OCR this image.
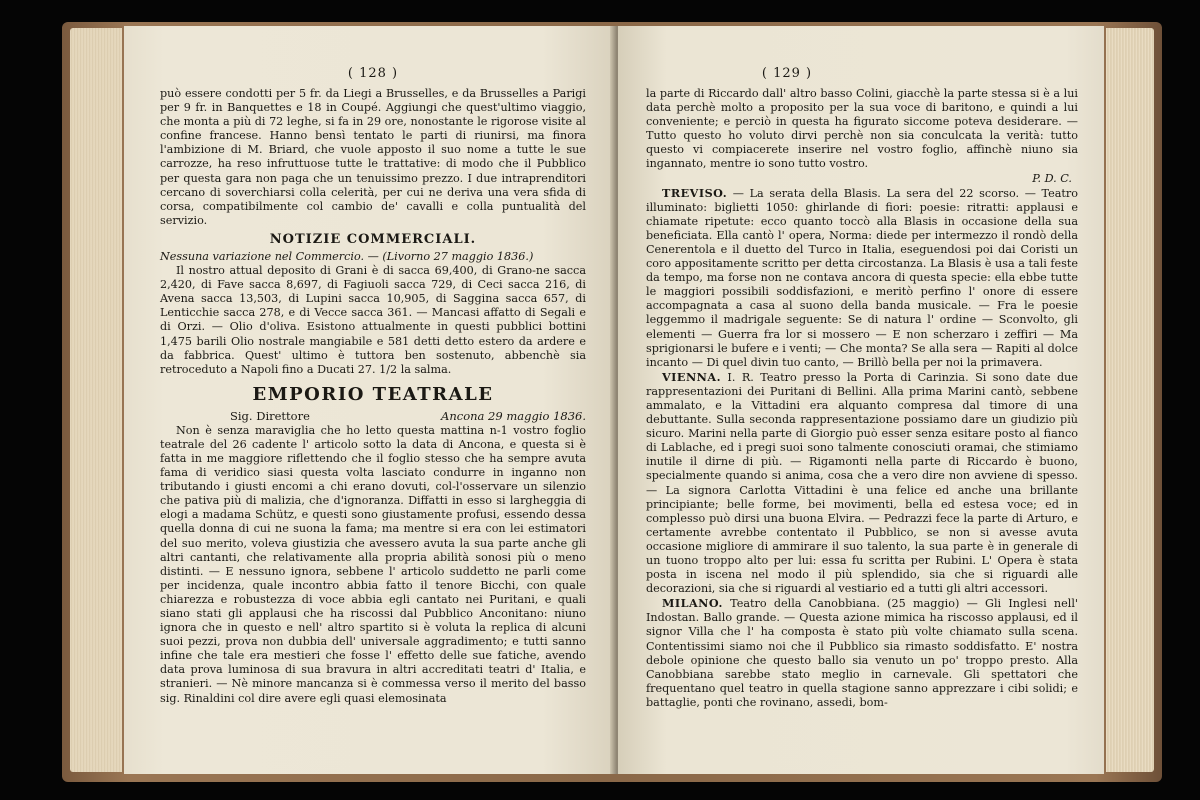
( 128 )

può essere condotti per 5 fr. da Liegi a Brusselles, e da Brusselles a Parigi per 9 fr. in Banquettes e 18 in Coupé. Aggiungi che quest'ultimo viaggio, che monta a più di 72 leghe, si fa in 29 ore, nonostante le rigorose visite al confine francese. Hanno bensì tentato le parti di riunirsi, ma finora l'ambizione di M. Briard, che vuole apposto il suo nome a tutte le sue carrozze, ha reso infruttuose tutte le trattative: di modo che il Pubblico per questa gara non paga che un tenuissimo prezzo. I due intraprenditori cercano di soverchiarsi colla celerità, per cui ne deriva una vera sfida di corsa, compatibilmente col cambio de' cavalli e colla puntualità del servizio.

NOTIZIE COMMERCIALI.
Nessuna variazione nel Commercio. — (Livorno 27 maggio 1836.)

Il nostro attual deposito di Grani è di sacca 69,400, di Grano-ne sacca 2,420, di Fave sacca 8,697, di Fagiuoli sacca 729, di Ceci sacca 216, di Avena sacca 13,503, di Lupini sacca 10,905, di Saggina sacca 657, di Lenticchie sacca 278, e di Vecce sacca 361. — Mancasi affatto di Segali e di Orzi. — Olio d'oliva. Esistono attualmente in questi pubblici bottini 1,475 barili Olio nostrale mangiabile e 581 detti detto estero da ardere e da fabbrica. Quest' ultimo è tuttora ben sostenuto, abbenchè sia retroceduto a Napoli fino a Ducati 27. 1/2 la salma.

EMPORIO TEATRALE
Sig. Direttore	Ancona 29 maggio 1836.

Non è senza maraviglia che ho letto questa mattina n-1 vostro foglio teatrale del 26 cadente l' articolo sotto la data di Ancona, e questa si è fatta in me maggiore riflettendo che il foglio stesso che ha sempre avuta fama di veridico siasi questa volta lasciato condurre in inganno non tributando i giusti encomi a chi erano dovuti, col-l'osservare un silenzio che pativa più di malizia, che d'ignoranza. Diffatti in esso si largheggia di elogi a madama Schütz, e questi sono giustamente profusi, essendo dessa quella donna di cui ne suona la fama; ma mentre si era con lei estimatori del suo merito, voleva giustizia che avessero avuta la sua parte anche gli altri cantanti, che relativamente alla propria abilità sonosi più o meno distinti. — E nessuno ignora, sebbene l' articolo suddetto ne parli come per incidenza, quale incontro abbia fatto il tenore Bicchi, con quale chiarezza e robustezza di voce abbia egli cantato nei Puritani, e quali siano stati gli applausi che ha riscossi dal Pubblico Anconitano: niuno ignora che in questo e nell' altro spartito si è voluta la replica di alcuni suoi pezzi, prova non dubbia dell' universale aggradimento; e tutti sanno infine che tale era mestieri che fosse l' effetto delle sue fatiche, avendo data prova luminosa di sua bravura in altri accreditati teatri d' Italia, e stranieri. — Nè minore mancanza si è commessa verso il merito del basso sig. Rinaldini col dire avere egli quasi elemosinata

( 129 )

la parte di Riccardo dall' altro basso Colini, giacchè la parte stessa si è a lui data perchè molto a proposito per la sua voce di baritono, e quindi a lui conveniente; e perciò in questa ha figurato siccome poteva desiderare. — Tutto questo ho voluto dirvi perchè non sia conculcata la verità: tutto questo vi compiacerete inserire nel vostro foglio, affinchè niuno sia ingannato, mentre io sono tutto vostro.

P. D. C.

TREVISO. — La serata della Blasis. La sera del 22 scorso. — Teatro illuminato: biglietti 1050: ghirlande di fiori: poesie: ritratti: applausi e chiamate ripetute: ecco quanto toccò alla Blasis in occasione della sua beneficiata. Ella cantò l' opera, Norma: diede per intermezzo il rondò della Cenerentola e il duetto del Turco in Italia, eseguendosi poi dai Coristi un coro appositamente scritto per detta circostanza. La Blasis è usa a tali feste da tempo, ma forse non ne contava ancora di questa specie: ella ebbe tutte le maggiori possibili soddisfazioni, e meritò perfino l' onore di essere accompagnata a casa al suono della banda musicale. — Fra le poesie leggemmo il madrigale seguente: Se di natura l' ordine — Sconvolto, gli elementi — Guerra fra lor si mossero — E non scherzaro i zeffiri — Ma sprigionarsi le bufere e i venti; — Che monta? Se alla sera — Rapiti al dolce incanto — Di quel divin tuo canto, — Brillò bella per noi la primavera.

VIENNA. I. R. Teatro presso la Porta di Carinzia. Si sono date due rappresentazioni dei Puritani di Bellini. Alla prima Marini cantò, sebbene ammalato, e la Vittadini era alquanto compresa dal timore di una debuttante. Sulla seconda rappresentazione possiamo dare un giudizio più sicuro. Marini nella parte di Giorgio può esser senza esitare posto al fianco di Lablache, ed i pregi suoi sono talmente conosciuti oramai, che stimiamo inutile il dirne di più. — Rigamonti nella parte di Riccardo è buono, specialmente quando si anima, cosa che a vero dire non avviene di spesso. — La signora Carlotta Vittadini è una felice ed anche una brillante principiante; belle forme, bei movimenti, bella ed estesa voce; ed in complesso può dirsi una buona Elvira. — Pedrazzi fece la parte di Arturo, e certamente avrebbe contentato il Pubblico, se non si avesse avuta occasione migliore di ammirare il suo talento, la sua parte è in generale di un tuono troppo alto per lui: essa fu scritta per Rubini. L' Opera è stata posta in iscena nel modo il più splendido, sia che si riguardi alle decorazioni, sia che si riguardi al vestiario ed a tutti gli altri accessori.

MILANO. Teatro della Canobbiana. (25 maggio) — Gli Inglesi nell' Indostan. Ballo grande. — Questa azione mimica ha riscosso applausi, ed il signor Villa che l' ha composta è stato più volte chiamato sulla scena. Contentissimi siamo noi che il Pubblico sia rimasto soddisfatto. E' nostra debole opinione che questo ballo sia venuto un po' troppo presto. Alla Canobbiana sarebbe stato meglio in carnevale. Gli spettatori che frequentano quel teatro in quella stagione sanno apprezzare i cibi solidi; e battaglie, ponti che rovinano, assedi, bom-
